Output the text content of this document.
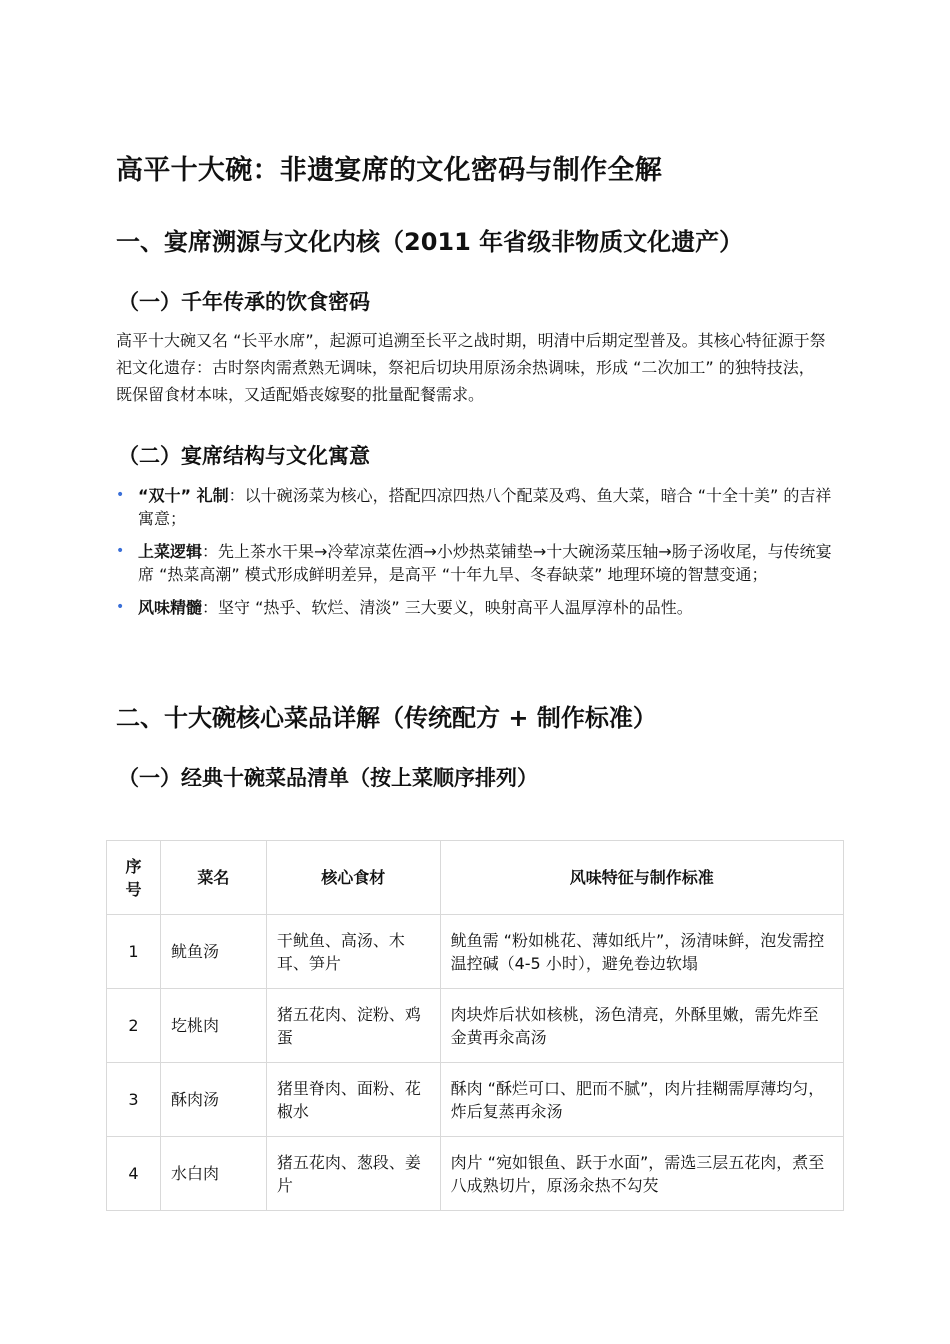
高平十大碗：非遗宴席的文化密码与制作全解
一、宴席溯源与文化内核（2011 年省级非物质文化遗产）
（一）千年传承的饮食密码

高平十大碗又名 “长平水席”，起源可追溯至长平之战时期，明清中后期定型普及。其核心特征源于祭祀文化遗存：古时祭肉需煮熟无调味，祭祀后切块用原汤余热调味，形成 “二次加工” 的独特技法，既保留食材本味，又适配婚丧嫁娶的批量配餐需求。

（二）宴席结构与文化寓意
• “双十” 礼制：以十碗汤菜为核心，搭配四凉四热八个配菜及鸡、鱼大菜，暗合 “十全十美” 的吉祥寓意；
• 上菜逻辑：先上茶水干果→冷荤凉菜佐酒→小炒热菜铺垫→十大碗汤菜压轴→肠子汤收尾，与传统宴席 “热菜高潮” 模式形成鲜明差异，是高平 “十年九旱、冬春缺菜” 地理环境的智慧变通；
• 风味精髓：坚守 “热乎、软烂、清淡” 三大要义，映射高平人温厚淳朴的品性。
二、十大碗核心菜品详解（传统配方 + 制作标准）
（一）经典十碗菜品清单（按上菜顺序排列）
序号	菜名	核心食材	风味特征与制作标准
1	鱿鱼汤	干鱿鱼、高汤、木耳、笋片	鱿鱼需 “粉如桃花、薄如纸片”，汤清味鲜，泡发需控温控碱（4-5 小时），避免卷边软塌
2	圪桃肉	猪五花肉、淀粉、鸡蛋	肉块炸后状如核桃，汤色清亮，外酥里嫩，需先炸至金黄再汆高汤
3	酥肉汤	猪里脊肉、面粉、花椒水	酥肉 “酥烂可口、肥而不腻”，肉片挂糊需厚薄均匀，炸后复蒸再汆汤
4	水白肉	猪五花肉、葱段、姜片	肉片 “宛如银鱼、跃于水面”，需选三层五花肉，煮至八成熟切片，原汤汆热不勾芡
